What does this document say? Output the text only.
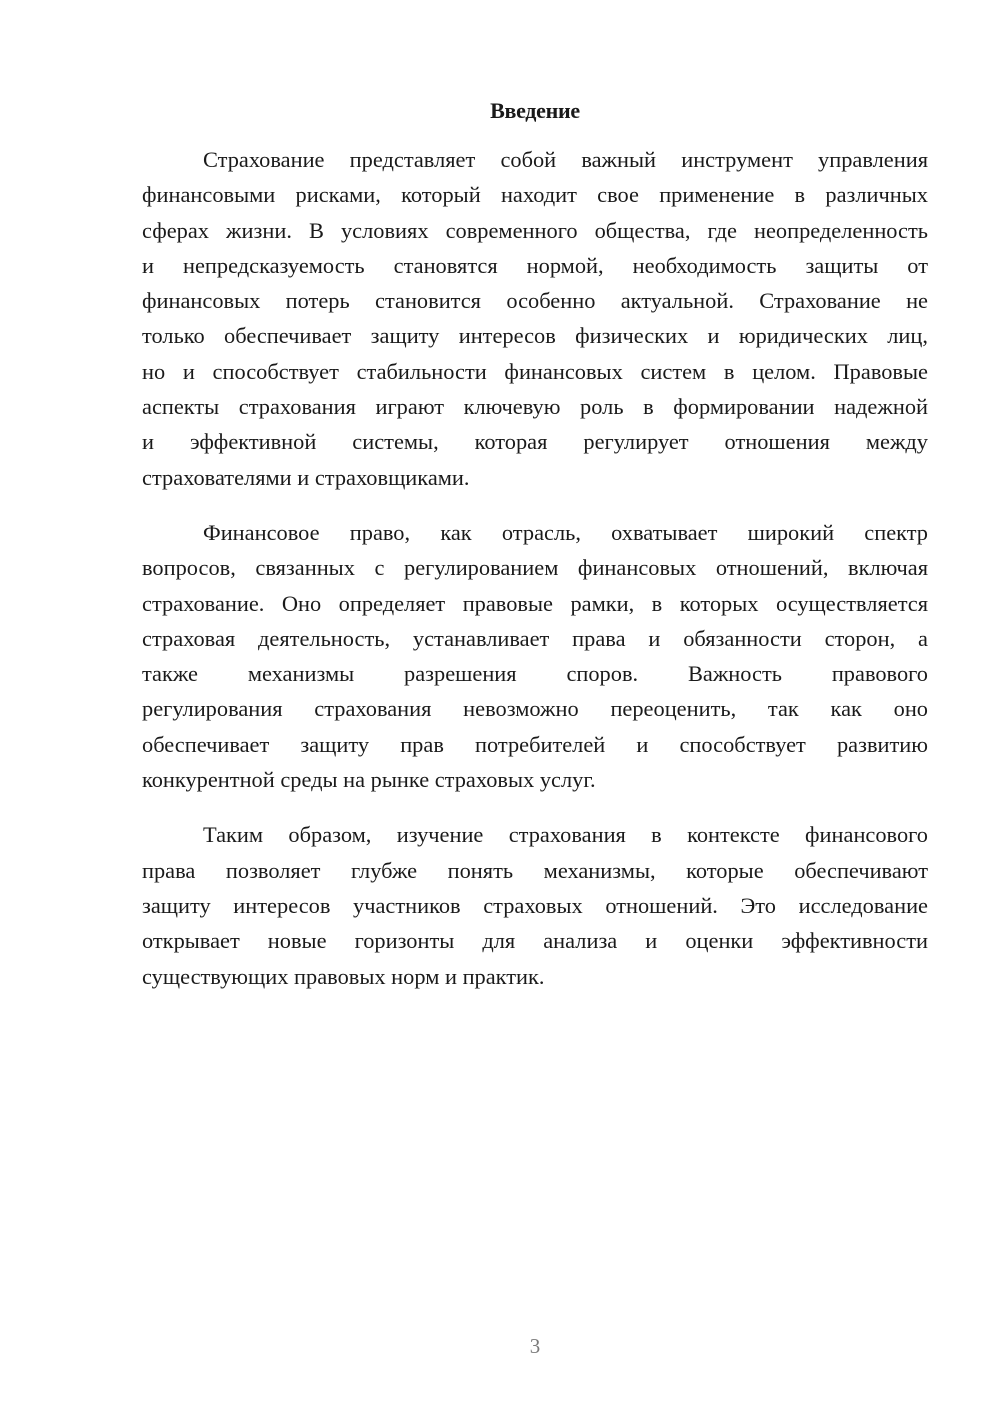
Введение

Страхование представляет собой важный инструмент управления
финансовыми рисками, который находит свое применение в различных
сферах жизни. В условиях современного общества, где неопределенность
и непредсказуемость становятся нормой, необходимость защиты от
финансовых потерь становится особенно актуальной. Страхование не
только обеспечивает защиту интересов физических и юридических лиц,
но и способствует стабильности финансовых систем в целом. Правовые
аспекты страхования играют ключевую роль в формировании надежной
и эффективной системы, которая регулирует отношения между
страхователями и страховщиками.

Финансовое право, как отрасль, охватывает широкий спектр
вопросов, связанных с регулированием финансовых отношений, включая
страхование. Оно определяет правовые рамки, в которых осуществляется
страховая деятельность, устанавливает права и обязанности сторон, а
также механизмы разрешения споров. Важность правового
регулирования страхования невозможно переоценить, так как оно
обеспечивает защиту прав потребителей и способствует развитию
конкурентной среды на рынке страховых услуг.

Таким образом, изучение страхования в контексте финансового
права позволяет глубже понять механизмы, которые обеспечивают
защиту интересов участников страховых отношений. Это исследование
открывает новые горизонты для анализа и оценки эффективности
существующих правовых норм и практик.

3
